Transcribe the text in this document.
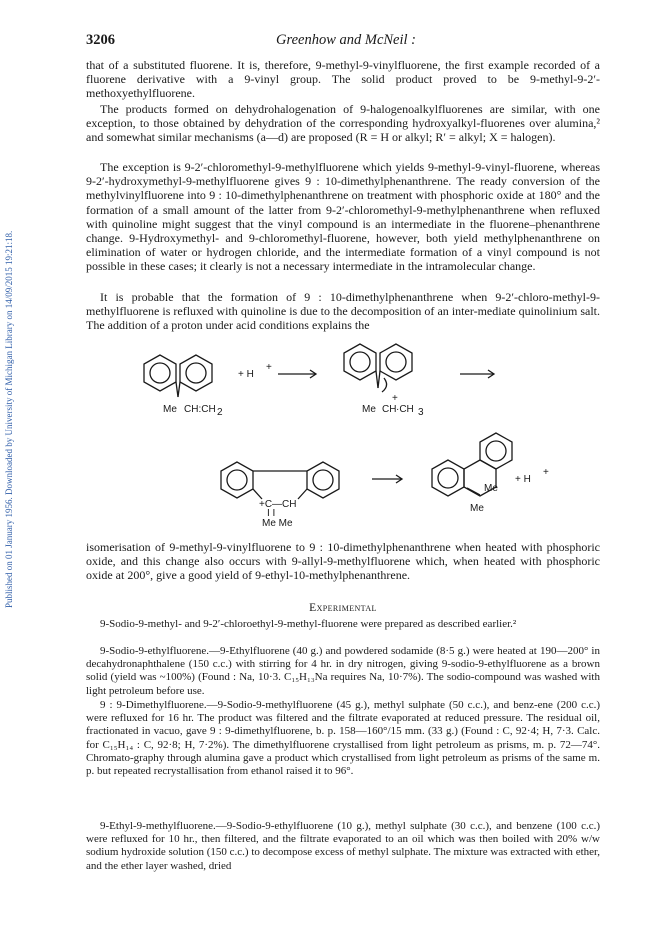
Published on 01 January 1956. Downloaded by University of Michigan Library on 14/09/2015 19:21:18.
3206	Greenhow and McNeil :

that of a substituted fluorene. It is, therefore, 9-methyl-9-vinylfluorene, the first example recorded of a fluorene derivative with a 9-vinyl group. The solid product proved to be 9-methyl-9-2′-methoxyethylfluorene.

The products formed on dehydrohalogenation of 9-halogenoalkylfluorenes are similar, with one exception, to those obtained by dehydration of the corresponding hydroxyalkyl-fluorenes over alumina,² and somewhat similar mechanisms (a—d) are proposed (R = H or alkyl; R′ = alkyl; X = halogen).

The exception is 9-2′-chloromethyl-9-methylfluorene which yields 9-methyl-9-vinyl-fluorene, whereas 9-2′-hydroxymethyl-9-methylfluorene gives 9 : 10-dimethylphenanthrene. The ready conversion of the methylvinylfluorene into 9 : 10-dimethylphenanthrene on treatment with phosphoric oxide at 180° and the formation of a small amount of the latter from 9-2′-chloromethyl-9-methylphenanthrene when refluxed with quinoline might suggest that the vinyl compound is an intermediate in the fluorene–phenanthrene change. 9-Hydroxymethyl- and 9-chloromethyl-fluorene, however, both yield methylphenanthrene on elimination of water or hydrogen chloride, and the intermediate formation of a vinyl compound is not possible in these cases; it clearly is not a necessary intermediate in the intramolecular change.

It is probable that the formation of 9 : 10-dimethylphenanthrene when 9-2′-chloro-methyl-9-methylfluorene is refluxed with quinoline is due to the decomposition of an inter-mediate quinolinium salt. The addition of a proton under acid conditions explains the

Me CH:CH 2
+ H
+
Me CH
+
·CH 3
+C—CH
I I
Me Me
Me
Me
+ H
+

isomerisation of 9-methyl-9-vinylfluorene to 9 : 10-dimethylphenanthrene when heated with phosphoric oxide, and this change also occurs with 9-allyl-9-methylfluorene which, when heated with phosphoric oxide at 200°, give a good yield of 9-ethyl-10-methylphenanthrene.

Experimental

9-Sodio-9-methyl- and 9-2′-chloroethyl-9-methyl-fluorene were prepared as described earlier.²

9-Sodio-9-ethylfluorene.—9-Ethylfluorene (40 g.) and powdered sodamide (8·5 g.) were heated at 190—200° in decahydronaphthalene (150 c.c.) with stirring for 4 hr. in dry nitrogen, giving 9-sodio-9-ethylfluorene as a brown solid (yield was ~100%) (Found : Na, 10·3. C₁₅H₁₃Na requires Na, 10·7%). The sodio-compound was washed with light petroleum before use.

9 : 9-Dimethylfluorene.—9-Sodio-9-methylfluorene (45 g.), methyl sulphate (50 c.c.), and benz-ene (200 c.c.) were refluxed for 16 hr. The product was filtered and the filtrate evaporated at reduced pressure. The residual oil, fractionated in vacuo, gave 9 : 9-dimethylfluorene, b. p. 158—160°/15 mm. (33 g.) (Found : C, 92·4; H, 7·3. Calc. for C₁₅H₁₄ : C, 92·8; H, 7·2%). The dimethylfluorene crystallised from light petroleum as prisms, m. p. 72—74°. Chromato-graphy through alumina gave a product which crystallised from light petroleum as prisms of the same m. p. but repeated recrystallisation from ethanol raised it to 96°.

9-Ethyl-9-methylfluorene.—9-Sodio-9-ethylfluorene (10 g.), methyl sulphate (30 c.c.), and benzene (100 c.c.) were refluxed for 10 hr., then filtered, and the filtrate evaporated to an oil which was then boiled with 20% w/w sodium hydroxide solution (150 c.c.) to decompose excess of methyl sulphate. The mixture was extracted with ether, and the ether layer washed, dried
